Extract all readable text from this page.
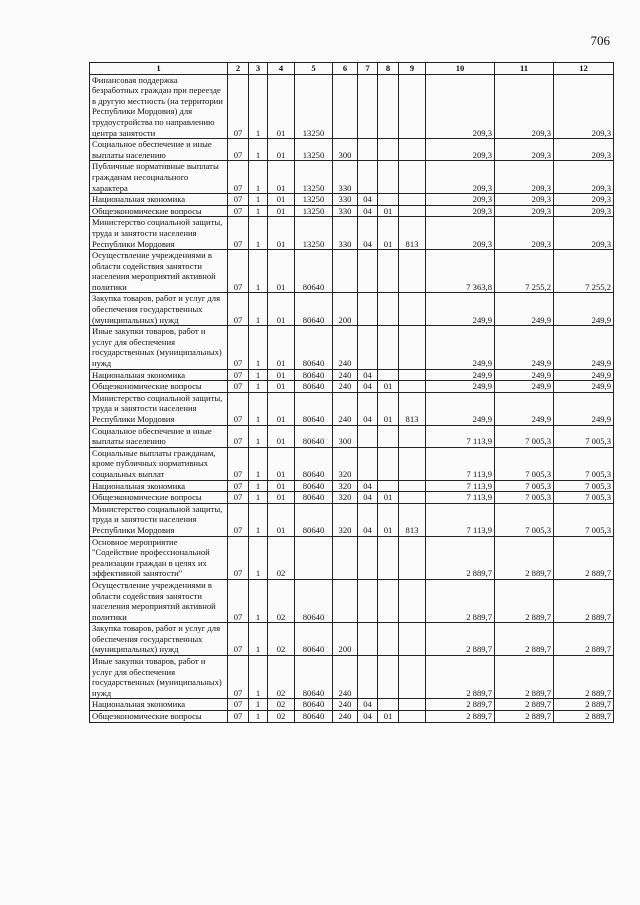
706
1	2	3	4	5	6	7	8	9	10	11	12
Финансовая поддержка безработных граждан при переезде в другую местность (на территории Республики Мордовия) для трудоустройства по направлению центра занятости	07	1	01	13250					209,3	209,3	209,3
Социальное обеспечение и иные выплаты населению	07	1	01	13250	300				209,3	209,3	209,3
Публичные нормативные выплаты гражданам несоциального характера	07	1	01	13250	330				209,3	209,3	209,3
Национальная экономика	07	1	01	13250	330	04			209,3	209,3	209,3
Общеэкономические вопросы	07	1	01	13250	330	04	01		209,3	209,3	209,3
Министерство социальной защиты, труда и занятости населения Республики Мордовия	07	1	01	13250	330	04	01	813	209,3	209,3	209,3
Осуществление учреждениями в области содействия занятости населения мероприятий активной политики	07	1	01	80640					7 363,8	7 255,2	7 255,2
Закупка товаров, работ и услуг для обеспечения государственных (муниципальных) нужд	07	1	01	80640	200				249,9	249,9	249,9
Иные закупки товаров, работ и услуг для обеспечения государственных (муниципальных) нужд	07	1	01	80640	240				249,9	249,9	249,9
Национальная экономика	07	1	01	80640	240	04			249,9	249,9	249,9
Общеэкономические вопросы	07	1	01	80640	240	04	01		249,9	249,9	249,9
Министерство социальной защиты, труда и занятости населения Республики Мордовия	07	1	01	80640	240	04	01	813	249,9	249,9	249,9
Социальное обеспечение и иные выплаты населению	07	1	01	80640	300				7 113,9	7 005,3	7 005,3
Социальные выплаты гражданам, кроме публичных нормативных социальных выплат	07	1	01	80640	320				7 113,9	7 005,3	7 005,3
Национальная экономика	07	1	01	80640	320	04			7 113,9	7 005,3	7 005,3
Общеэкономические вопросы	07	1	01	80640	320	04	01		7 113,9	7 005,3	7 005,3
Министерство социальной защиты, труда и занятости населения Республики Мордовия	07	1	01	80640	320	04	01	813	7 113,9	7 005,3	7 005,3
Основное мероприятие "Содействие профессиональной реализации граждан в целях их эффективной занятости"	07	1	02						2 889,7	2 889,7	2 889,7
Осуществление учреждениями в области содействия занятости населения мероприятий активной политики	07	1	02	80640					2 889,7	2 889,7	2 889,7
Закупка товаров, работ и услуг для обеспечения государственных (муниципальных) нужд	07	1	02	80640	200				2 889,7	2 889,7	2 889,7
Иные закупки товаров, работ и услуг для обеспечения государственных (муниципальных) нужд	07	1	02	80640	240				2 889,7	2 889,7	2 889,7
Национальная экономика	07	1	02	80640	240	04			2 889,7	2 889,7	2 889,7
Общеэкономические вопросы	07	1	02	80640	240	04	01		2 889,7	2 889,7	2 889,7
